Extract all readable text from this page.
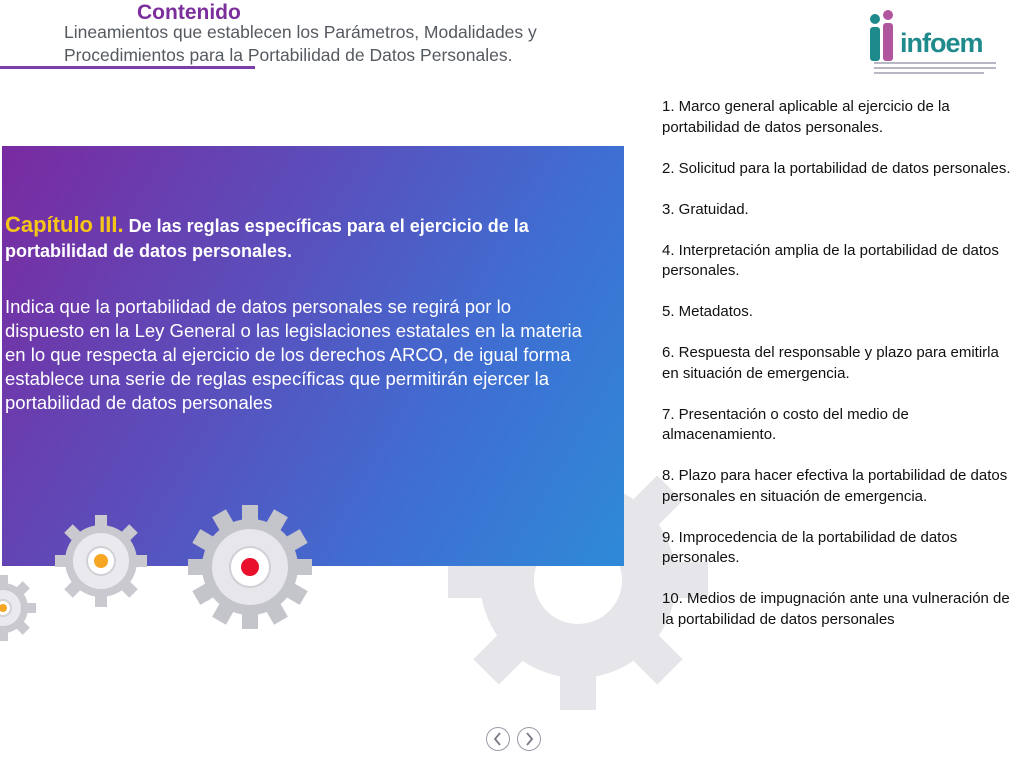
Contenido
Lineamientos que establecen los Parámetros, Modalidades y Procedimientos para la Portabilidad de Datos Personales.	infoem
Capítulo III. De las reglas específicas para el ejercicio de la portabilidad de datos personales.
Indica que la portabilidad de datos personales se regirá por lo dispuesto en la Ley General o las legislaciones estatales en la materia en lo que respecta al ejercicio de los derechos ARCO, de igual forma establece una serie de reglas específicas que permitirán ejercer la portabilidad de datos personales
1. Marco general aplicable al ejercicio de la portabilidad de datos personales.
2. Solicitud para la portabilidad de datos personales.
3. Gratuidad.
4. Interpretación amplia de la portabilidad de datos personales.
5. Metadatos.
6. Respuesta del responsable y plazo para emitirla en situación de emergencia.
7. Presentación o costo del medio de almacenamiento.
8. Plazo para hacer efectiva la portabilidad de datos personales en situación de emergencia.
9. Improcedencia de la portabilidad de datos personales.
10. Medios de impugnación ante una vulneración de la portabilidad de datos personales
